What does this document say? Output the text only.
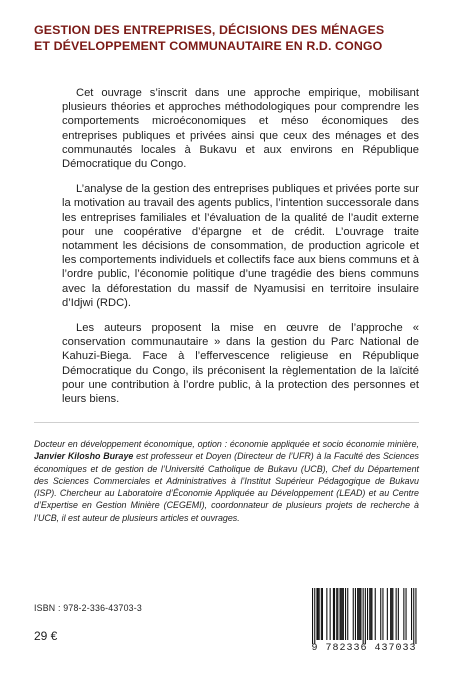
GESTION DES ENTREPRISES, DÉCISIONS DES MÉNAGES
ET DÉVELOPPEMENT COMMUNAUTAIRE EN R.D. CONGO

Cet ouvrage s’inscrit dans une approche empirique, mobilisant plusieurs théories et approches méthodologiques pour comprendre les comportements microéconomiques et méso économiques des entreprises publiques et privées ainsi que ceux des ménages et des communautés locales à Bukavu et aux environs en République Démocratique du Congo.

L’analyse de la gestion des entreprises publiques et privées porte sur la motivation au travail des agents publics, l’intention successorale dans les entreprises familiales et l’évaluation de la qualité de l’audit externe pour une coopérative d’épargne et de crédit. L’ouvrage traite notamment les décisions de consommation, de production agricole et les comportements individuels et collectifs face aux biens communs et à l’ordre public, l’économie politique d’une tragédie des biens communs avec la déforestation du massif de Nyamusisi en territoire insulaire d’Idjwi (RDC).

Les auteurs proposent la mise en œuvre de l’approche « conservation communautaire » dans la gestion du Parc National de Kahuzi-Biega. Face à l’effervescence religieuse en République Démocratique du Congo, ils préconisent la règlementation de la laïcité pour une contribution à l’ordre public, à la protection des personnes et leurs biens.

Docteur en développement économique, option : économie appliquée et socio économie minière, Janvier Kilosho Buraye est professeur et Doyen (Directeur de l’UFR) à la Faculté des Sciences économiques et de gestion de l’Université Catholique de Bukavu (UCB), Chef du Département des Sciences Commerciales et Administratives à l’Institut Supérieur Pédagogique de Bukavu (ISP). Chercheur au Laboratoire d’Économie Appliquée au Développement (LEAD) et au Centre d’Expertise en Gestion Minière (CEGEMI), coordonnateur de plusieurs projets de recherche à l’UCB, il est auteur de plusieurs articles et ouvrages.
ISBN : 978-2-336-43703-3
29 €
9 782336 437033
